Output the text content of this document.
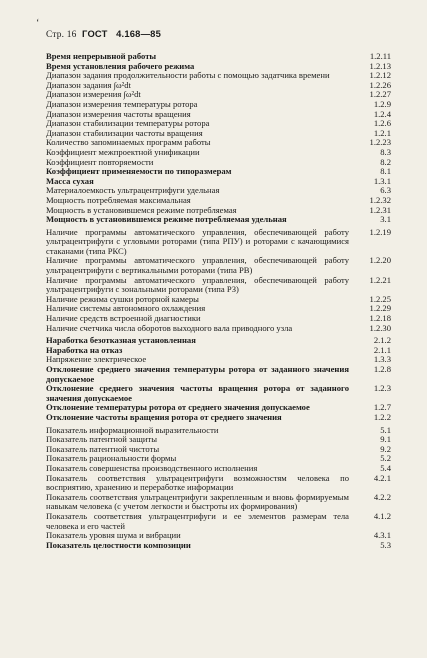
‘
Стр. 16 ГОСТ 4.168—85
Время непрерывной работы	1.2.11
Время установления рабочего режима	1.2.13
Диапазон задания продолжительности работы с помощью задатчика времени	1.2.12
Диапазон задания ∫ω²dt	1.2.26
Диапазон измерения ∫ω²dt	1.2.27
Диапазон измерения температуры ротора	1.2.9
Диапазон измерения частоты вращения	1.2.4
Диапазон стабилизации температуры ротора	1.2.6
Диапазон стабилизации частоты вращения	1.2.1
Количество запоминаемых программ работы	1.2.23
Коэффициент межпроектной унификации	8.3
Коэффициент повторяемости	8.2
Коэффициент применяемости по типоразмерам	8.1
Масса сухая	1.3.1
Материалоемкость ультрацентрифуги удельная	6.3
Мощность потребляемая максимальная	1.2.32
Мощность в установившемся режиме потребляемая	1.2.31
Мощность в установившемся режиме потребляемая удельная	3.1
Наличие программы автоматического управления, обеспечивающей работу ультрацентрифуги с угловыми роторами (типа РПУ) и роторами с качающимися стаканами (типа РКС)
1.2.19
Наличие программы автоматического управления, обеспечивающей работу ультрацентрифуги с вертикальными роторами (типа РВ)
1.2.20
Наличие программы автоматического управления, обеспечивающей работу ультрацентрифуги с зональными роторами (типа РЗ)
1.2.21
Наличие режима сушки роторной камеры	1.2.25
Наличие системы автономного охлаждения	1.2.29
Наличие средств встроенной диагностики	1.2.18
Наличие счетчика числа оборотов выходного вала приводного узла	1.2.30
Наработка безотказная установленная	2.1.2
Наработка на отказ	2.1.1
Напряжение электрическое	1.3.3
Отклонение среднего значения температуры ротора от заданного значения допускаемое
1.2.8
Отклонение среднего значения частоты вращения ротора от заданного значения допускаемое
1.2.3
Отклонение температуры ротора от среднего значения допускаемое	1.2.7
Отклонение частоты вращения ротора от среднего значения	1.2.2
Показатель информационной выразительности	5.1
Показатель патентной защиты	9.1
Показатель патентной чистоты	9.2
Показатель рациональности формы	5.2
Показатель совершенства производственного исполнения	5.4
Показатель соответствия ультрацентрифуги возможностям человека по восприятию, хранению и переработке информации
4.2.1
Показатель соответствия ультрацентрифуги закрепленным и вновь формируемым навыкам человека (с учетом легкости и быстроты их формирования)
4.2.2
Показатель соответствия ультрацентрифуги и ее элементов размерам тела человека и его частей
4.1.2
Показатель уровня шума и вибрации	4.3.1
Показатель целостности композиции	5.3
